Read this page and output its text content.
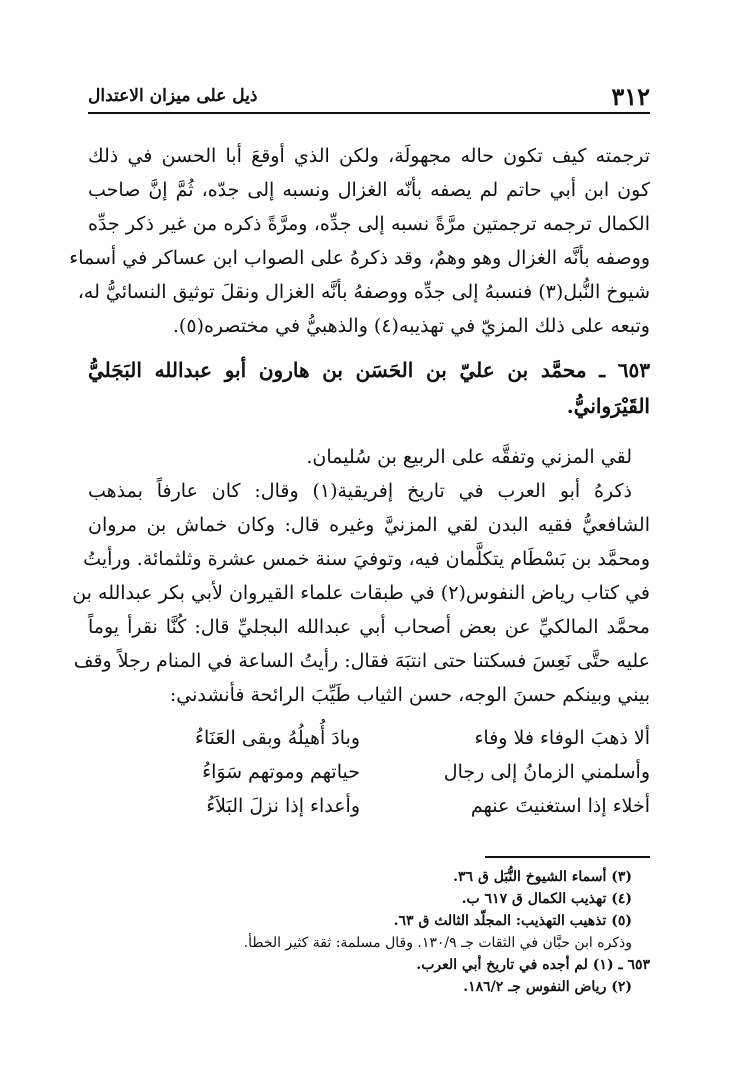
٣١٢
ذيل على ميزان الاعتدال
ترجمته كيف تكون حاله مجهولَة، ولكن الذي أوقعَ أبا الحسن في ذلك
كون ابن أبي حاتم لم يصفه بأنّه الغزال ونسبه إلى جدّه، ثُمَّ إنَّ صاحب
الكمال ترجمه ترجمتين مرَّةً نسبه إلى جدِّه، ومرَّةً ذكره من غير ذكر جدِّه
ووصفه بأنَّه الغزال وهو وهمٌ، وقد ذكرهُ على الصواب ابن عساكر في أسماء
شيوخ النُّبل(٣) فنسبهُ إلى جدِّه ووصفهُ بأنَّه الغزال ونقلَ توثيق النسائيُّ له،
وتبعه على ذلك المزيّ في تهذيبه(٤) والذهبيُّ في مختصره(٥).
٦٥٣ ـ محمَّد بن عليّ بن الحَسَن بن هارون أبو عبدالله البَجَليُّ
القَيْرَوانيُّ.
لقي المزني وتفقَّه على الربيع بن سُليمان.
ذكرهُ أبو العرب في تاريخ إفريقية(١) وقال: كان عارفاً بمذهب
الشافعيُّ فقيه البدن لقي المزنيَّ وغيره قال: وكان خماش بن مروان
ومحمَّد بن بَسْطَام يتكلَّمان فيه، وتوفيَ سنة خمس عشرة وثلثمائة. ورأيتُ
في كتاب رياض النفوس(٢) في طبقات علماء القيروان لأبي بكر عبدالله بن
محمَّد المالكيِّ عن بعض أصحاب أبي عبدالله البجليِّ قال: كُنَّا نقرأ يوماً
عليه حتَّى نَعِسَ فسكتنا حتى انتبَهَ فقال: رأيتُ الساعة في المنام رجلاً وقف
بيني وبينكم حسنَ الوجه، حسن الثياب طَيِّبَ الرائحة فأنشدني:
ألا ذهبَ الوفاء فلا وفاء
وبادَ أُهيلُهُ وبقى العَنَاءُ
وأسلمني الزمانُ إلى رجال
حياتهم وموتهم سَوَاءُ
أخلاء إذا استغنيتَ عنهم
وأعداء إذا نزلَ البَلاَءُ
(٣) أسماء الشيوخ النُّبَل ق ٣٦.
(٤) تهذيب الكمال ق ٦١٧ ب.
(٥) تذهيب التهذيب: المجلّد الثالث ق ٦٣.
وذكره ابن حبَّان في الثقات جـ ١٣٠/٩. وقال مسلمة: ثقة كثير الخطأ.
٦٥٣ ـ (١) لم أجده في تاريخ أبي العرب.
(٢) رياض النفوس جـ ١٨٦/٢.
